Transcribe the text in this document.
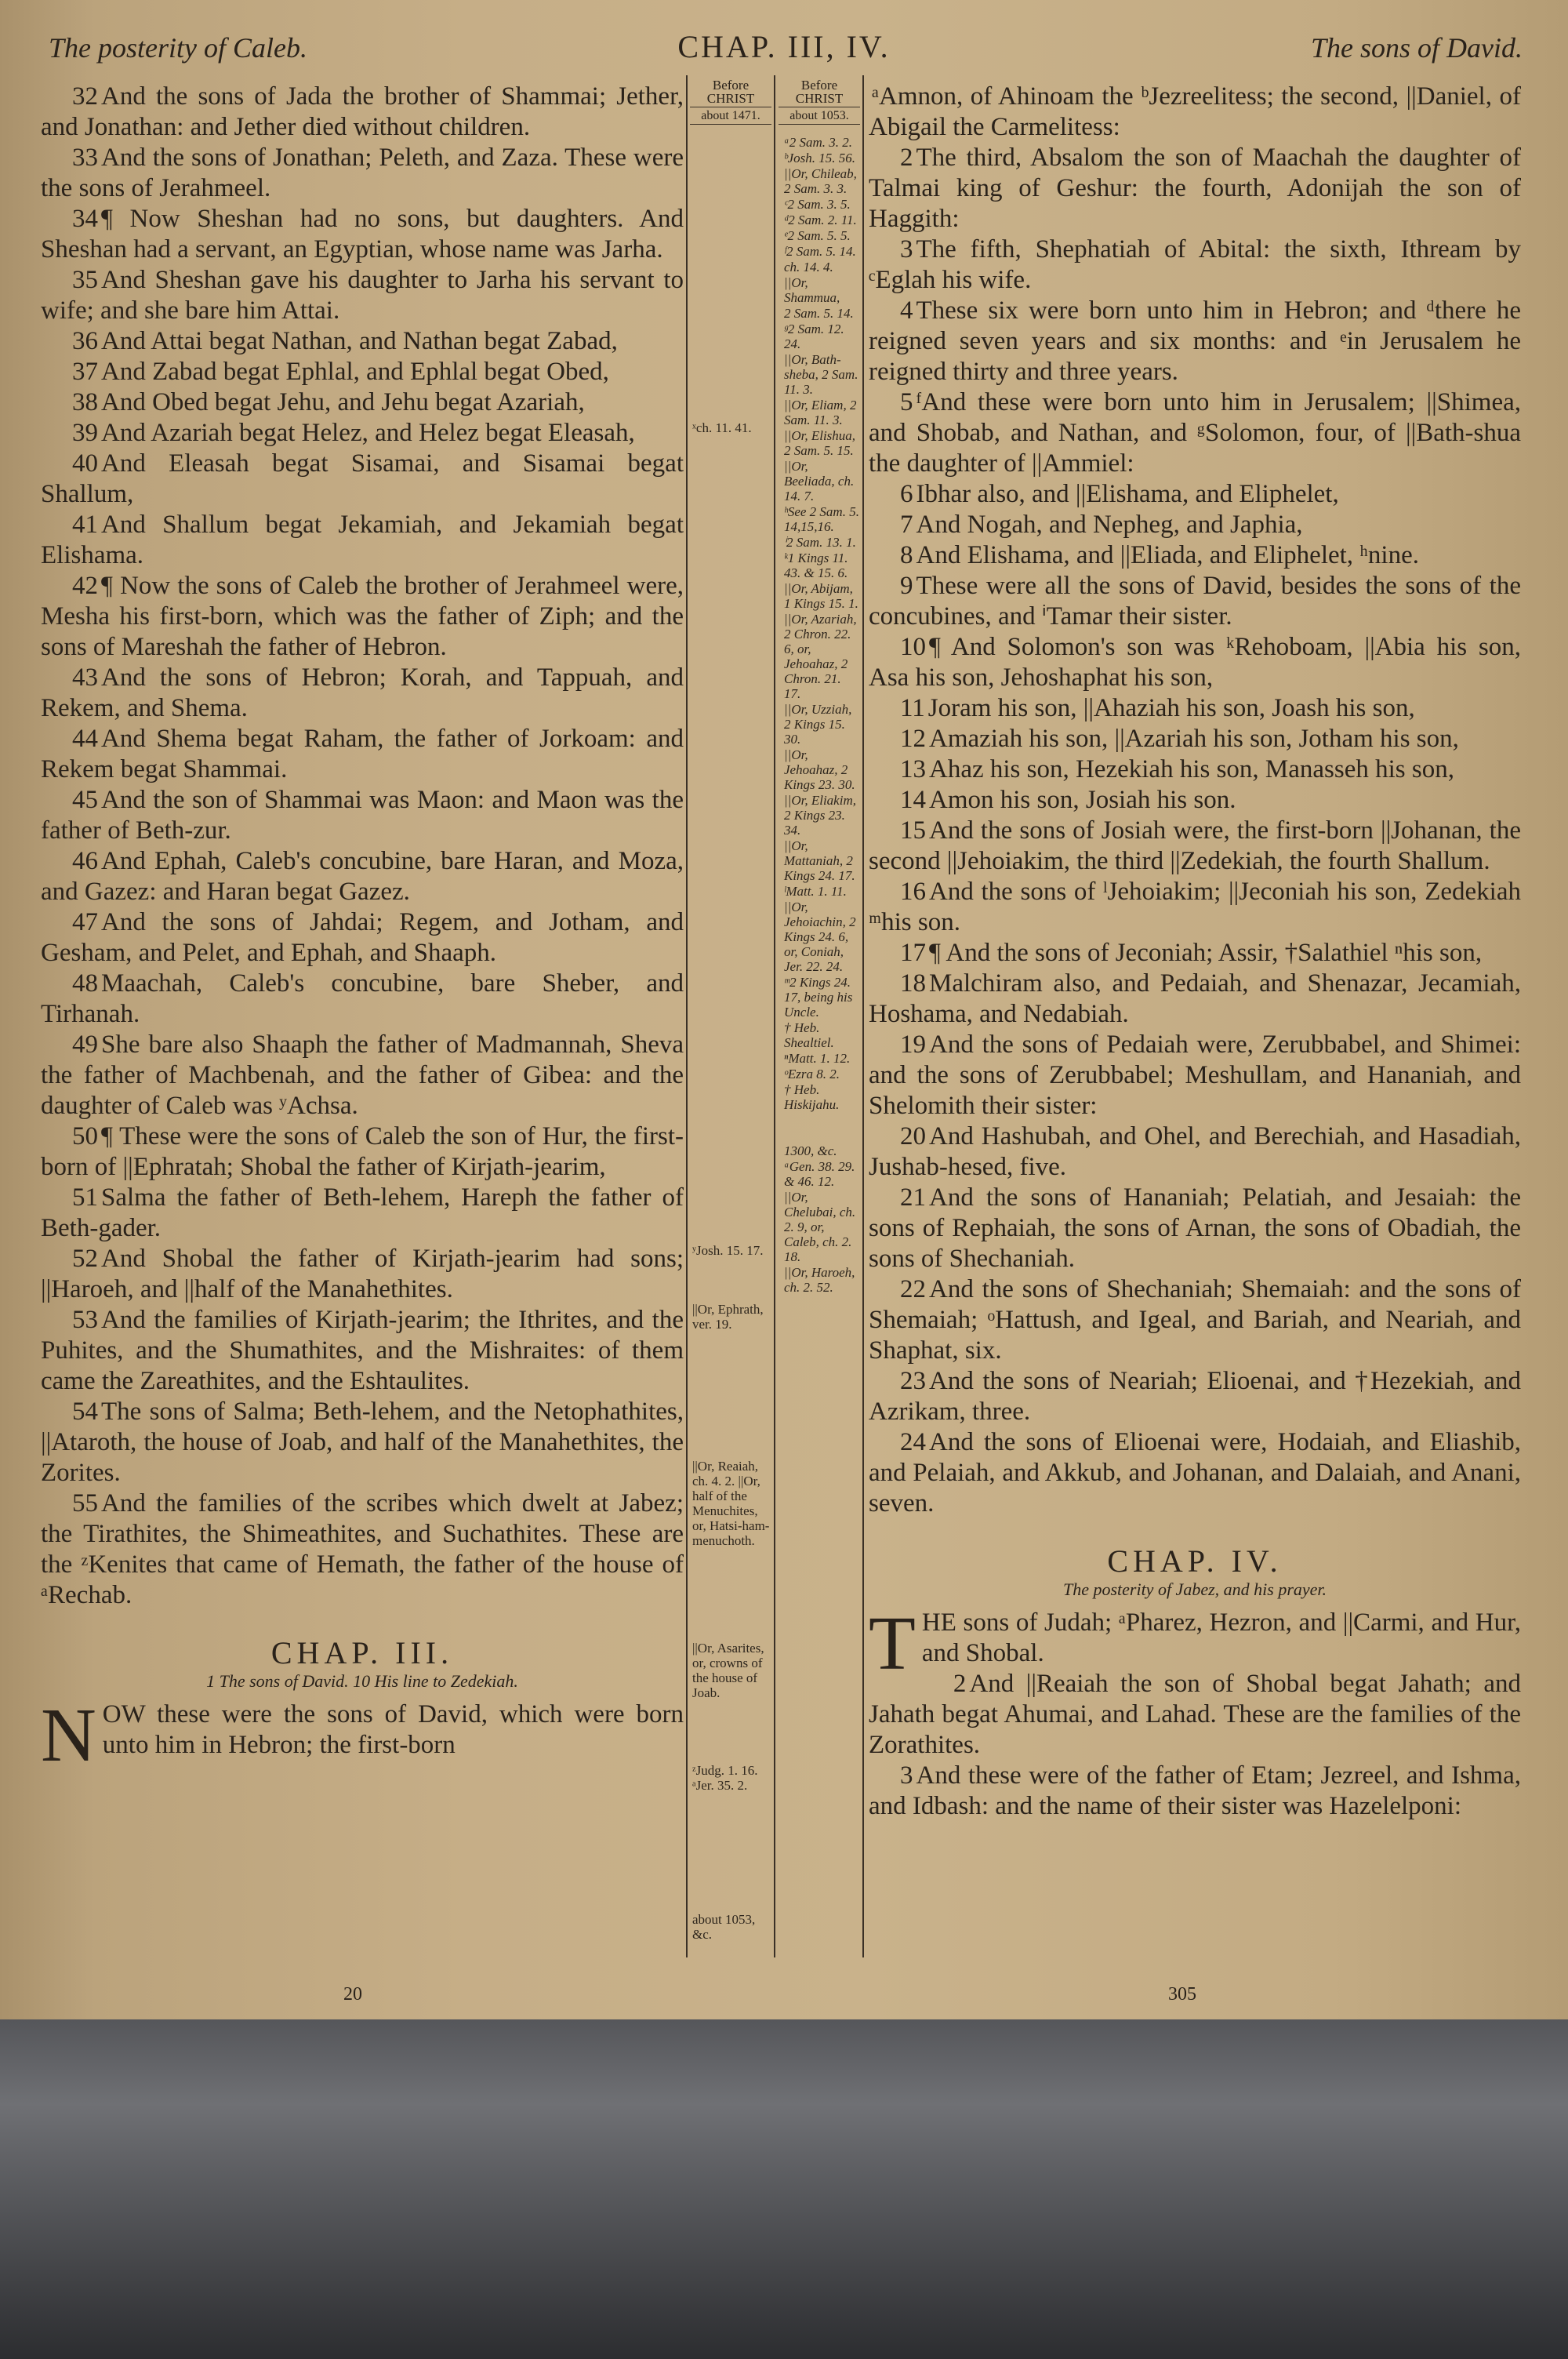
The posterity of Caleb.	CHAP. III, IV.	The sons of David.
Before CHRIST
about 1471.
Before CHRIST
about 1053.
ˣch. 11. 41.
ʸJosh. 15. 17.
||Or, Ephrath, ver. 19.
||Or, Reaiah, ch. 4. 2. ||Or, half of the Menuchites, or, Hatsi-ham-menuchoth.
||Or, Asarites, or, crowns of the house of Joab.
ᶻJudg. 1. 16. ᵃJer. 35. 2.
about 1053, &c.
ᵃ2 Sam. 3. 2.
ᵇJosh. 15. 56.
||Or, Chileab, 2 Sam. 3. 3.
ᶜ2 Sam. 3. 5.
ᵈ2 Sam. 2. 11.
ᵉ2 Sam. 5. 5.
ᶠ2 Sam. 5. 14.
ch. 14. 4.
||Or, Shammua,
2 Sam. 5. 14.
ᵍ2 Sam. 12. 24.
||Or, Bath-sheba, 2 Sam. 11. 3.
||Or, Eliam, 2 Sam. 11. 3.
||Or, Elishua, 2 Sam. 5. 15.
||Or, Beeliada, ch. 14. 7.
ʰSee 2 Sam. 5. 14,15,16.
ⁱ2 Sam. 13. 1.
ᵏ1 Kings 11. 43. & 15. 6.
||Or, Abijam, 1 Kings 15. 1.
||Or, Azariah, 2 Chron. 22. 6, or, Jehoahaz, 2 Chron. 21. 17.
||Or, Uzziah, 2 Kings 15. 30.
||Or, Jehoahaz, 2 Kings 23. 30.
||Or, Eliakim, 2 Kings 23. 34.
||Or, Mattaniah, 2 Kings 24. 17.
ˡMatt. 1. 11.
||Or, Jehoiachin, 2 Kings 24. 6, or, Coniah, Jer. 22. 24.
ᵐ2 Kings 24. 17, being his Uncle.
† Heb. Shealtiel.
ⁿMatt. 1. 12.
ᵒEzra 8. 2.
† Heb. Hiskijahu.
1300, &c.
ᵃGen. 38. 29. & 46. 12.
||Or, Chelubai, ch. 2. 9, or, Caleb, ch. 2. 18.
||Or, Haroeh, ch. 2. 52.

32 And the sons of Jada the brother of Shammai; Jether, and Jonathan: and Jether died without children.

33 And the sons of Jonathan; Peleth, and Zaza. These were the sons of Jerahmeel.

34 ¶ Now Sheshan had no sons, but daughters. And Sheshan had a servant, an Egyptian, whose name was Jarha.

35 And Sheshan gave his daughter to Jarha his servant to wife; and she bare him Attai.

36 And Attai begat Nathan, and Nathan begat Zabad,

37 And Zabad begat Ephlal, and Ephlal begat Obed,

38 And Obed begat Jehu, and Jehu begat Azariah,

39 And Azariah begat Helez, and Helez begat Eleasah,

40 And Eleasah begat Sisamai, and Sisamai begat Shallum,

41 And Shallum begat Jekamiah, and Jekamiah begat Elishama.

42 ¶ Now the sons of Caleb the brother of Jerahmeel were, Mesha his first-born, which was the father of Ziph; and the sons of Mareshah the father of Hebron.

43 And the sons of Hebron; Korah, and Tappuah, and Rekem, and Shema.

44 And Shema begat Raham, the father of Jorkoam: and Rekem begat Shammai.

45 And the son of Shammai was Maon: and Maon was the father of Beth-zur.

46 And Ephah, Caleb's concubine, bare Haran, and Moza, and Gazez: and Haran begat Gazez.

47 And the sons of Jahdai; Regem, and Jotham, and Gesham, and Pelet, and Ephah, and Shaaph.

48 Maachah, Caleb's concubine, bare Sheber, and Tirhanah.

49 She bare also Shaaph the father of Madmannah, Sheva the father of Machbenah, and the father of Gibea: and the daughter of Caleb was ʸAchsa.

50 ¶ These were the sons of Caleb the son of Hur, the first-born of ||Ephratah; Shobal the father of Kirjath-jearim,

51 Salma the father of Beth-lehem, Hareph the father of Beth-gader.

52 And Shobal the father of Kirjath-jearim had sons; ||Haroeh, and ||half of the Manahethites.

53 And the families of Kirjath-jearim; the Ithrites, and the Puhites, and the Shumathites, and the Mishraites: of them came the Zareathites, and the Eshtaulites.

54 The sons of Salma; Beth-lehem, and the Netophathites, ||Ataroth, the house of Joab, and half of the Manahethites, the Zorites.

55 And the families of the scribes which dwelt at Jabez; the Tirathites, the Shimeathites, and Suchathites. These are the ᶻKenites that came of Hemath, the father of the house of ᵃRechab.

CHAP. III.
1 The sons of David. 10 His line to Zedekiah.

NOW these were the sons of David, which were born unto him in Hebron; the first-born

ᵃAmnon, of Ahinoam the ᵇJezreelitess; the second, ||Daniel, of Abigail the Carmelitess:

2 The third, Absalom the son of Maachah the daughter of Talmai king of Geshur: the fourth, Adonijah the son of Haggith:

3 The fifth, Shephatiah of Abital: the sixth, Ithream by ᶜEglah his wife.

4 These six were born unto him in Hebron; and ᵈthere he reigned seven years and six months: and ᵉin Jerusalem he reigned thirty and three years.

5 ᶠAnd these were born unto him in Jerusalem; ||Shimea, and Shobab, and Nathan, and ᵍSolomon, four, of ||Bath-shua the daughter of ||Ammiel:

6 Ibhar also, and ||Elishama, and Eliphelet,

7 And Nogah, and Nepheg, and Japhia,

8 And Elishama, and ||Eliada, and Eliphelet, ʰnine.

9 These were all the sons of David, besides the sons of the concubines, and ⁱTamar their sister.

10 ¶ And Solomon's son was ᵏRehoboam, ||Abia his son, Asa his son, Jehoshaphat his son,

11 Joram his son, ||Ahaziah his son, Joash his son,

12 Amaziah his son, ||Azariah his son, Jotham his son,

13 Ahaz his son, Hezekiah his son, Manasseh his son,

14 Amon his son, Josiah his son.

15 And the sons of Josiah were, the first-born ||Johanan, the second ||Jehoiakim, the third ||Zedekiah, the fourth Shallum.

16 And the sons of ˡJehoiakim; ||Jeconiah his son, Zedekiah ᵐhis son.

17 ¶ And the sons of Jeconiah; Assir, †Salathiel ⁿhis son,

18 Malchiram also, and Pedaiah, and Shenazar, Jecamiah, Hoshama, and Nedabiah.

19 And the sons of Pedaiah were, Zerubbabel, and Shimei: and the sons of Zerubbabel; Meshullam, and Hananiah, and Shelomith their sister:

20 And Hashubah, and Ohel, and Berechiah, and Hasadiah, Jushab-hesed, five.

21 And the sons of Hananiah; Pelatiah, and Jesaiah: the sons of Rephaiah, the sons of Arnan, the sons of Obadiah, the sons of Shechaniah.

22 And the sons of Shechaniah; Shemaiah: and the sons of Shemaiah; ᵒHattush, and Igeal, and Bariah, and Neariah, and Shaphat, six.

23 And the sons of Neariah; Elioenai, and †Hezekiah, and Azrikam, three.

24 And the sons of Elioenai were, Hodaiah, and Eliashib, and Pelaiah, and Akkub, and Johanan, and Dalaiah, and Anani, seven.

CHAP. IV.
The posterity of Jabez, and his prayer.

THE sons of Judah; ᵃPharez, Hezron, and ||Carmi, and Hur, and Shobal.

2 And ||Reaiah the son of Shobal begat Jahath; and Jahath begat Ahumai, and Lahad. These are the families of the Zorathites.

3 And these were of the father of Etam; Jezreel, and Ishma, and Idbash: and the name of their sister was Hazelelponi:

20	305
